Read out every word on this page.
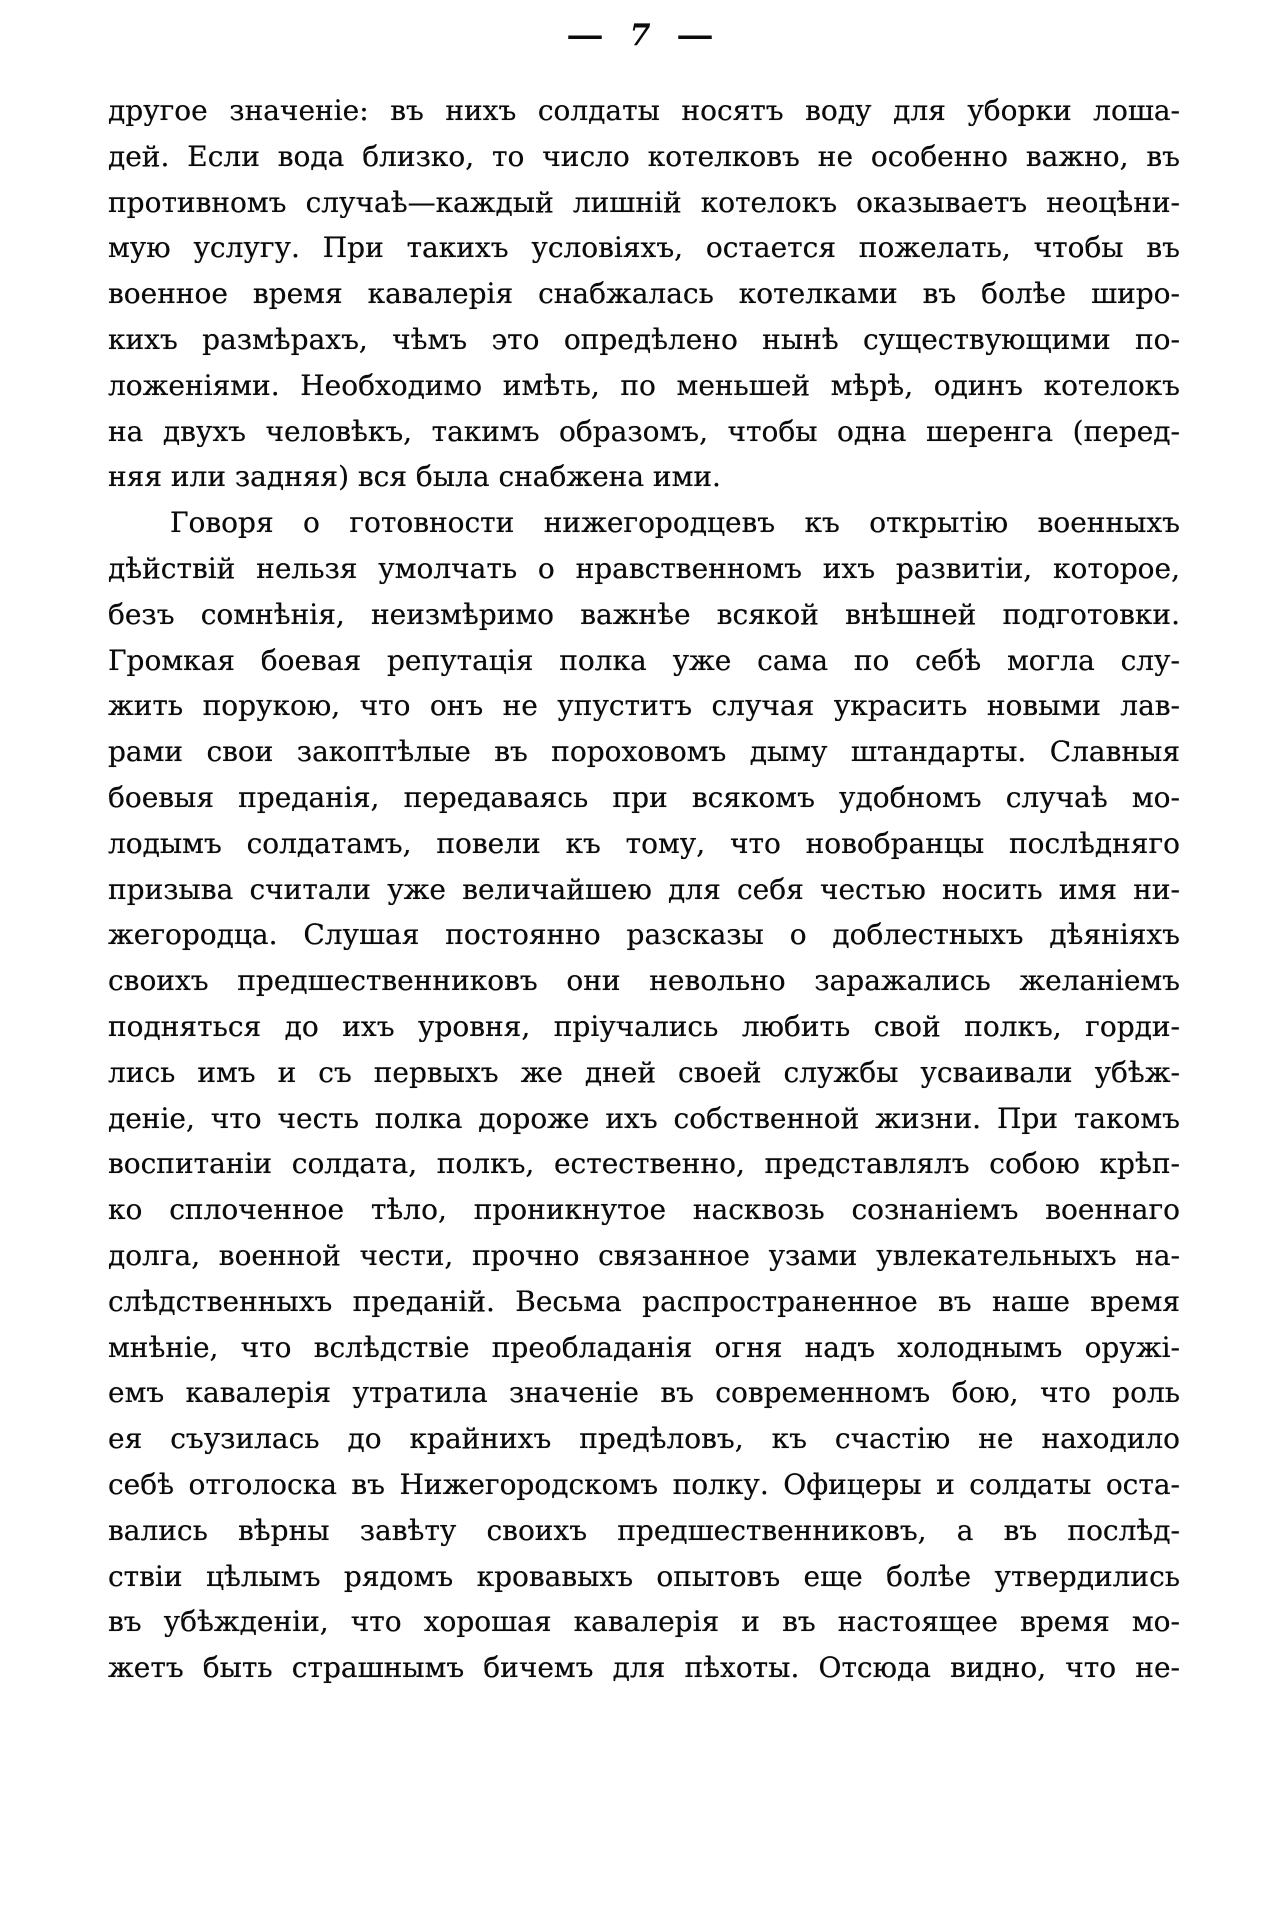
— 7 —
другое значеніе: въ нихъ солдаты носятъ воду для уборки лоша-
дей. Если вода близко, то число котелковъ не особенно важно, въ
противномъ случаѣ—каждый лишній котелокъ оказываетъ неоцѣни-
мую услугу. При такихъ условіяхъ, остается пожелать, чтобы въ
военное время кавалерія снабжалась котелками въ болѣе широ-
кихъ размѣрахъ, чѣмъ это опредѣлено нынѣ существующими по-
ложеніями. Необходимо имѣть, по меньшей мѣрѣ, одинъ котелокъ
на двухъ человѣкъ, такимъ образомъ, чтобы одна шеренга (перед-
няя или задняя) вся была снабжена ими.
Говоря о готовности нижегородцевъ къ открытію военныхъ
дѣйствій нельзя умолчать о нравственномъ ихъ развитіи, которое,
безъ сомнѣнія, неизмѣримо важнѣе всякой внѣшней подготовки.
Громкая боевая репутація полка уже сама по себѣ могла слу-
жить порукою, что онъ не упуститъ случая украсить новыми лав-
рами свои закоптѣлые въ пороховомъ дыму штандарты. Славныя
боевыя преданія, передаваясь при всякомъ удобномъ случаѣ мо-
лодымъ солдатамъ, повели къ тому, что новобранцы послѣдняго
призыва считали уже величайшею для себя честью носить имя ни-
жегородца. Слушая постоянно разсказы о доблестныхъ дѣяніяхъ
своихъ предшественниковъ они невольно заражались желаніемъ
подняться до ихъ уровня, пріучались любить свой полкъ, горди-
лись имъ и съ первыхъ же дней своей службы усваивали убѣж-
деніе, что честь полка дороже ихъ собственной жизни. При такомъ
воспитаніи солдата, полкъ, естественно, представлялъ собою крѣп-
ко сплоченное тѣло, проникнутое насквозь сознаніемъ военнаго
долга, военной чести, прочно связанное узами увлекательныхъ на-
слѣдственныхъ преданій. Весьма распространенное въ наше время
мнѣніе, что вслѣдствіе преобладанія огня надъ холоднымъ оружі-
емъ кавалерія утратила значеніе въ современномъ бою, что роль
ея съузилась до крайнихъ предѣловъ, къ счастію не находило
себѣ отголоска въ Нижегородскомъ полку. Офицеры и солдаты оста-
вались вѣрны завѣту своихъ предшественниковъ, а въ послѣд-
ствіи цѣлымъ рядомъ кровавыхъ опытовъ еще болѣе утвердились
въ убѣжденіи, что хорошая кавалерія и въ настоящее время мо-
жетъ быть страшнымъ бичемъ для пѣхоты. Отсюда видно, что не-
